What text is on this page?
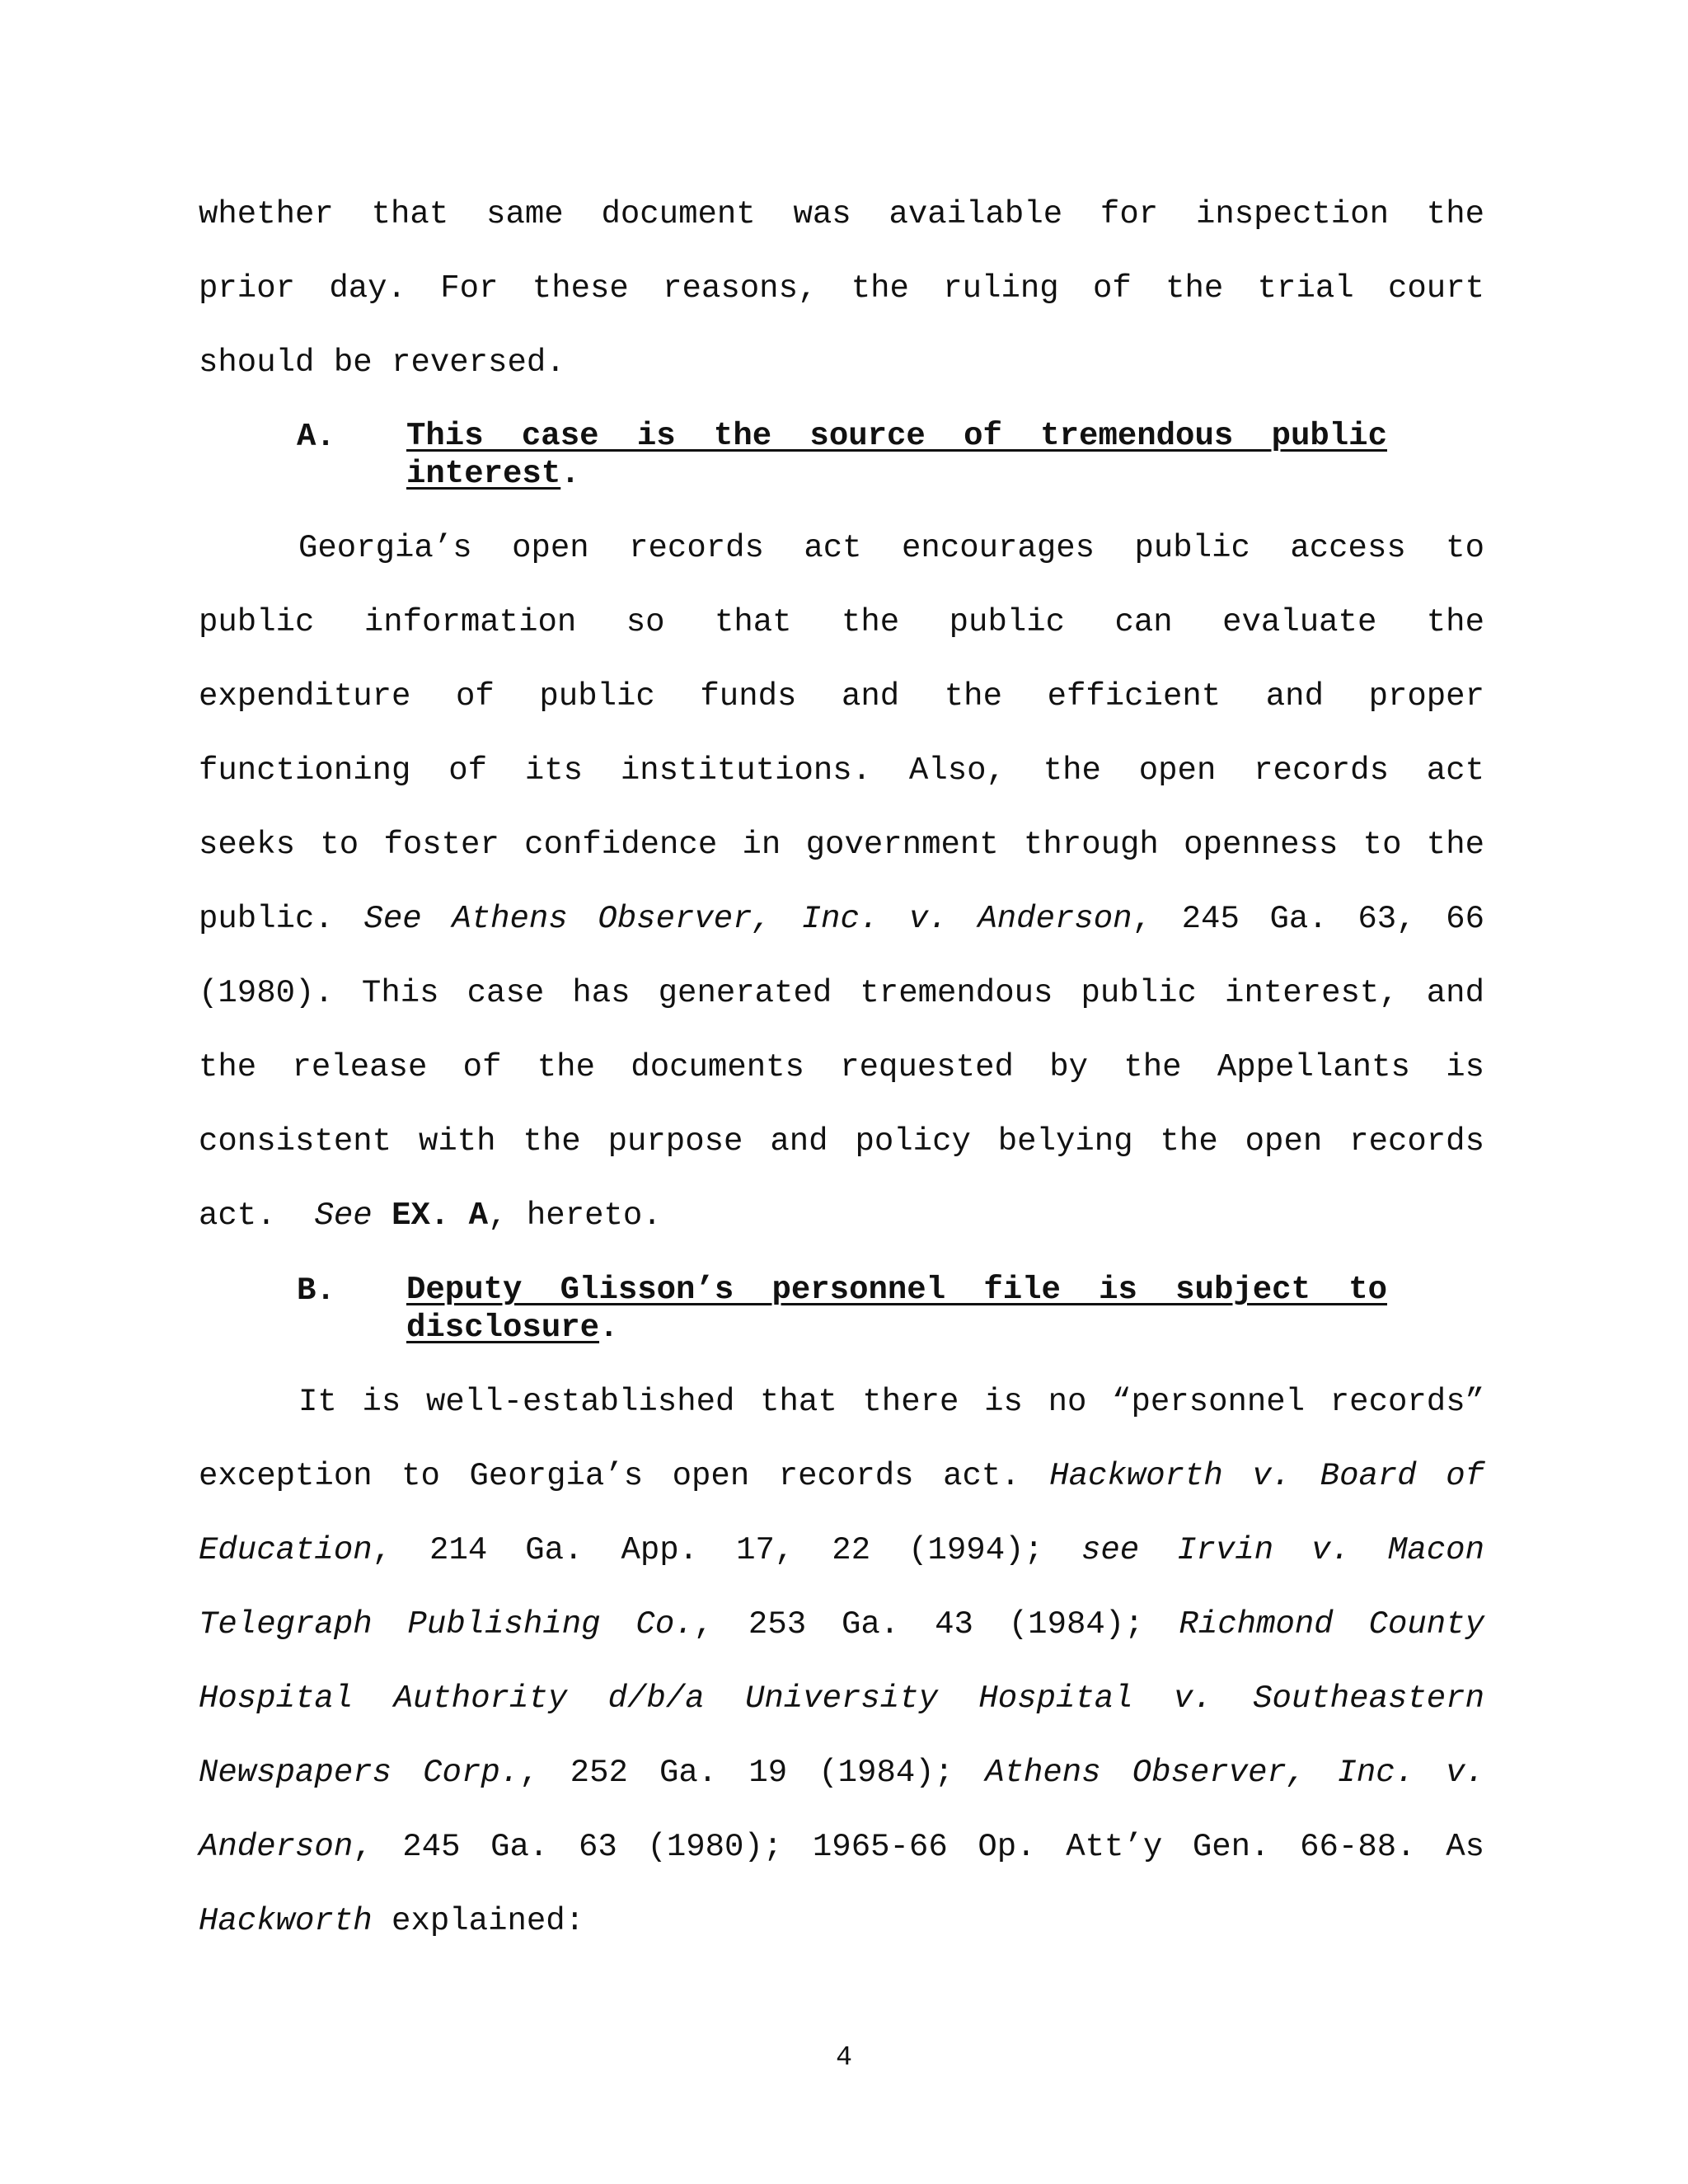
whether that same document was available for inspection the
prior day. For these reasons, the ruling of the trial court
should be reversed.
A. This case is the source of tremendous public
interest.
Georgia’s open records act encourages public access to
public information so that the public can evaluate the
expenditure of public funds and the efficient and proper
functioning of its institutions. Also, the open records act
seeks to foster confidence in government through openness to the
public. See Athens Observer, Inc. v. Anderson, 245 Ga. 63, 66
(1980). This case has generated tremendous public interest, and
the release of the documents requested by the Appellants is
consistent with the purpose and policy belying the open records
act.  See EX. A, hereto.
B. Deputy Glisson’s personnel file is subject to
disclosure.
It is well-established that there is no “personnel records”
exception to Georgia’s open records act. Hackworth v. Board of
Education, 214 Ga. App. 17, 22 (1994); see Irvin v. Macon
Telegraph Publishing Co., 253 Ga. 43 (1984); Richmond County
Hospital Authority d/b/a University Hospital v. Southeastern
Newspapers Corp., 252 Ga. 19 (1984); Athens Observer, Inc. v.
Anderson, 245 Ga. 63 (1980); 1965-66 Op. Att’y Gen. 66-88. As
Hackworth explained:
4
